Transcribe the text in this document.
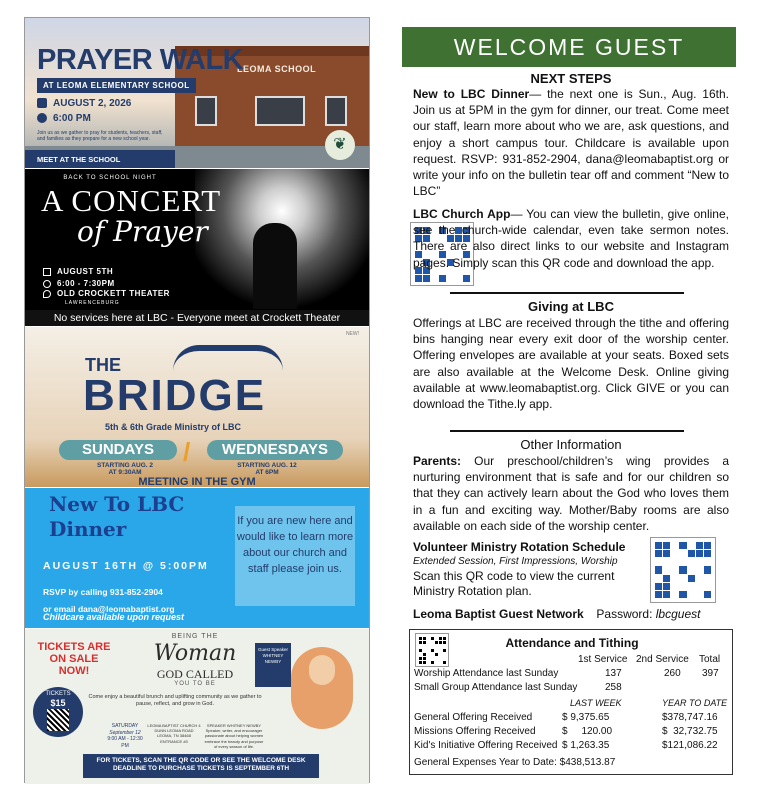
LEOMA SCHOOL
PRAYER WALK
AT LEOMA ELEMENTARY SCHOOL
AUGUST 2, 2026
6:00 PM
Join us as we gather to pray for students, teachers, staff, and families as they prepare for a new school year.
MEET AT THE SCHOOL
❦
BACK TO SCHOOL NIGHT
A CONCERT
of Prayer
AUGUST 5TH
6:00 - 7:30PM
OLD CROCKETT THEATER
LAWRENCEBURG
No services here at LBC - Everyone meet at Crockett Theater
NEW!
THE
BRIDGE
5th & 6th Grade Ministry of LBC
SUNDAYS	/	WEDNESDAYS
STARTING AUG. 2
AT 9:30AM
STARTING AUG. 12
AT 6PM
MEETING IN THE GYM
New To LBC
Dinner
AUGUST 16TH @ 5:00PM
RSVP by calling 931-852-2904
or email dana@leomabaptist.org
Childcare available upon request
If you are new here and would like to learn more about our church and staff please join us.
TICKETS ARE ON SALE NOW!
TICKETS
$15
BEING THE
Woman
GOD CALLED
YOU TO BE
Guest Speaker
WHITNEY NEWBY
Come enjoy a beautiful brunch and uplifting community as we gather to pause, reflect, and grow in God.
SATURDAY
September 12
9:00 AM - 12:30 PM
LEOMA BAPTIST CHURCH 4 DUNN LEOMA ROAD LEOMA, TN 38468 ENTRANCE #3
SPEAKER WHITNEY NEWBY Speaker, writer, and encourager passionate about helping women embrace the beauty and purpose of every season of life.
FOR TICKETS, SCAN THE QR CODE OR SEE THE WELCOME DESK
DEADLINE TO PURCHASE TICKETS IS SEPTEMBER 6TH
WELCOME GUEST
NEXT STEPS
New to LBC Dinner— the next one is Sun., Aug. 16th. Join us at 5PM in the gym for dinner, our treat. Come meet our staff, learn more about who we are, ask questions, and enjoy a short campus tour. Childcare is available upon request. RSVP: 931-852-2904, dana@leomabaptist.org or write your info on the bulletin tear off and comment “New to LBC”
LBC Church App— You can view the bulletin, give online, see the church-wide calendar, even take sermon notes. There are also direct links to our website and Instagram pages. Simply scan this QR code and download the app.
Giving at LBC
Offerings at LBC are received through the tithe and offering bins hanging near every exit door of the worship center. Offering envelopes are available at your seats. Boxed sets are also available at the Welcome Desk. Online giving available at www.leomabaptist.org. Click GIVE or you can download the Tithe.ly app.
Other Information
Parents: Our preschool/children’s wing provides a nurturing environment that is safe and for our children so that they can actively learn about the God who loves them in a fun and exciting way. Mother/Baby rooms are also available on each side of the worship center.
Volunteer Ministry Rotation Schedule
Extended Session, First Impressions, Worship
Scan this QR code to view the current Ministry Rotation plan.
Leoma Baptist Guest Network Password: lbcguest
Attendance and Tithing
1st Service 2nd Service Total
Worship Attendance last Sunday	137	260 397
Small Group Attendance last Sunday	258
LAST WEEK	YEAR TO DATE
General Offering Received	$ 9,375.65	$378,747.16
Missions Offering Received	$     120.00	$  32,732.75
Kid's Initiative Offering Received $ 1,263.35	$121,086.22
General Expenses Year to Date: $438,513.87
